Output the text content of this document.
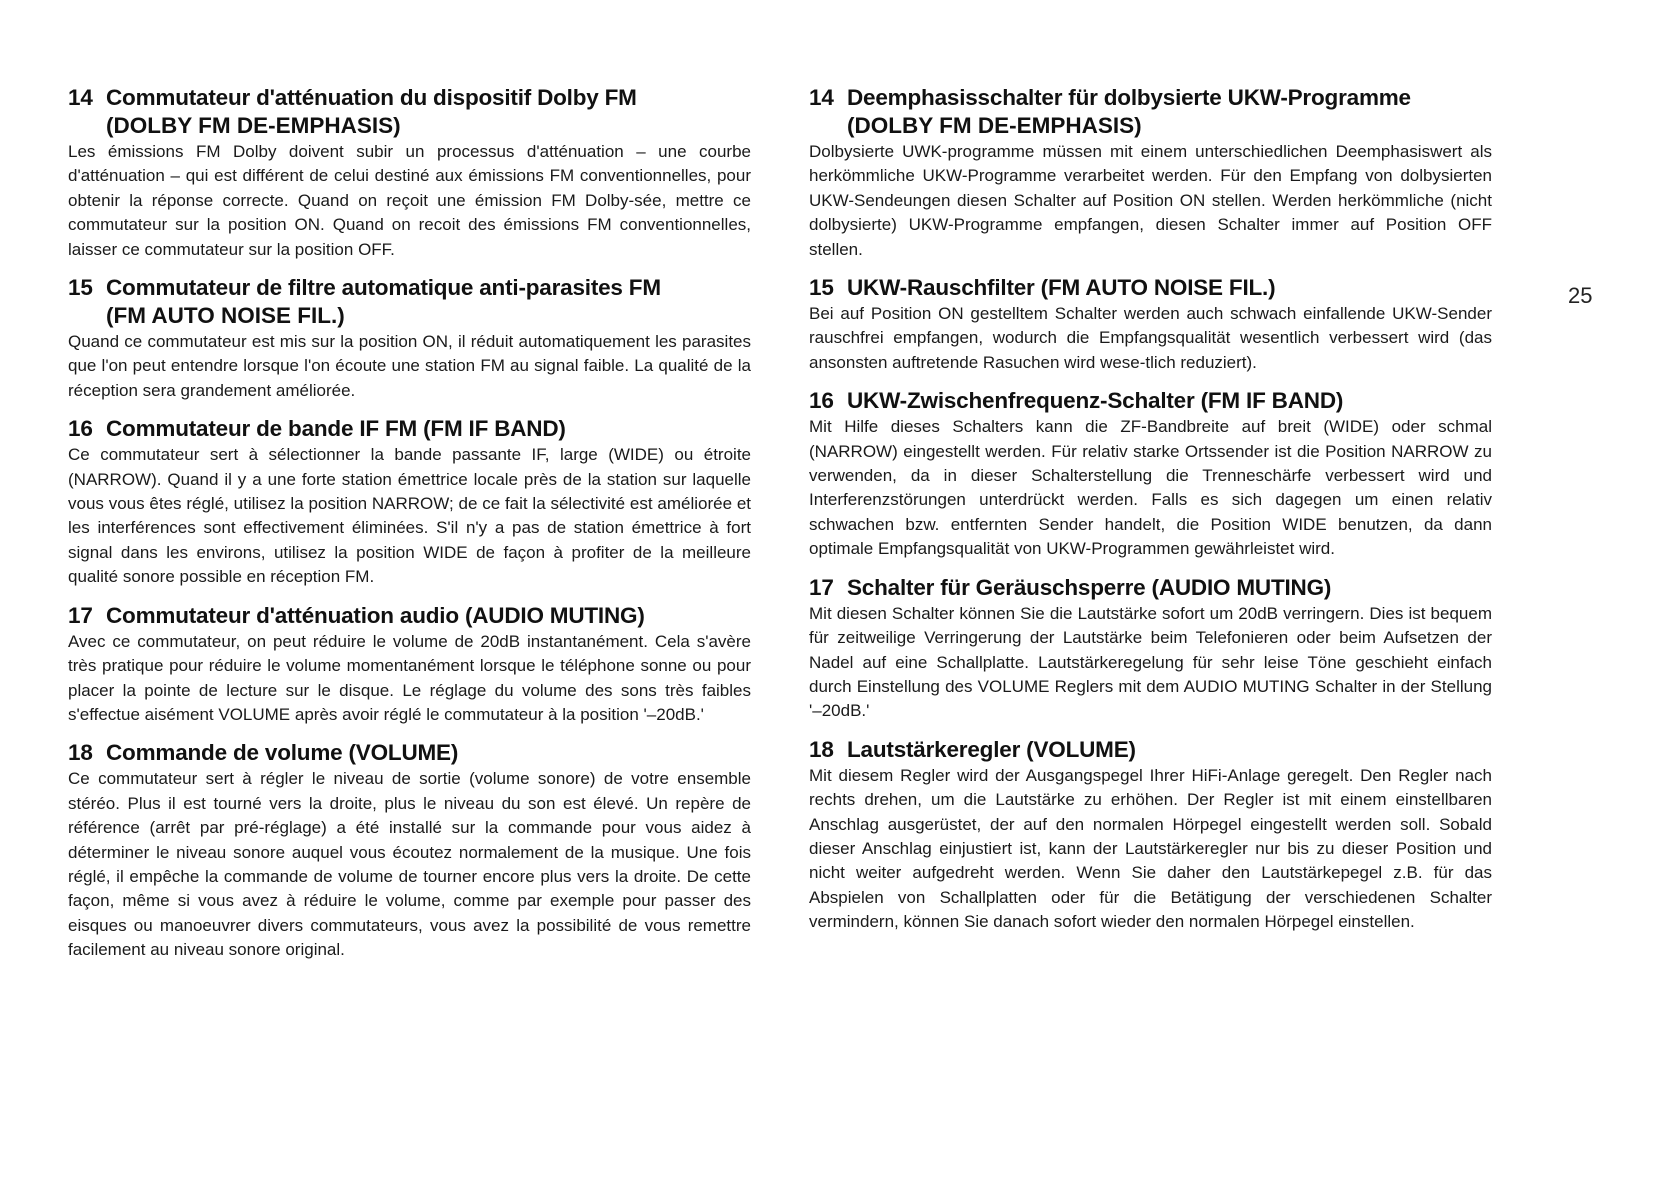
14 Commutateur d'atténuation du dispositif Dolby FM
(DOLBY FM DE-EMPHASIS)
Les émissions FM Dolby doivent subir un processus d'atténuation – une courbe d'atténuation – qui est différent de celui destiné aux émissions FM conventionnelles, pour obtenir la réponse correcte. Quand on reçoit une émission FM Dolby-sée, mettre ce commutateur sur la position ON. Quand on recoit des émissions FM conventionnelles, laisser ce commutateur sur la position OFF.
15 Commutateur de filtre automatique anti-parasites FM
(FM AUTO NOISE FIL.)
Quand ce commutateur est mis sur la position ON, il réduit automatiquement les parasites que l'on peut entendre lorsque l'on écoute une station FM au signal faible. La qualité de la réception sera grandement améliorée.
16 Commutateur de bande IF FM (FM IF BAND)
Ce commutateur sert à sélectionner la bande passante IF, large (WIDE) ou étroite (NARROW). Quand il y a une forte station émettrice locale près de la station sur laquelle vous vous êtes réglé, utilisez la position NARROW; de ce fait la sélectivité est améliorée et les interférences sont effectivement éliminées. S'il n'y a pas de station émettrice à fort signal dans les environs, utilisez la position WIDE de façon à profiter de la meilleure qualité sonore possible en réception FM.
17 Commutateur d'atténuation audio (AUDIO MUTING)
Avec ce commutateur, on peut réduire le volume de 20dB instantanément. Cela s'avère très pratique pour réduire le volume momentanément lorsque le téléphone sonne ou pour placer la pointe de lecture sur le disque. Le réglage du volume des sons très faibles s'effectue aisément VOLUME après avoir réglé le commutateur à la position '–20dB.'
18 Commande de volume (VOLUME)
Ce commutateur sert à régler le niveau de sortie (volume sonore) de votre ensemble stéréo. Plus il est tourné vers la droite, plus le niveau du son est élevé. Un repère de référence (arrêt par pré-réglage) a été installé sur la commande pour vous aidez à déterminer le niveau sonore auquel vous écoutez normalement de la musique. Une fois réglé, il empêche la commande de volume de tourner encore plus vers la droite. De cette façon, même si vous avez à réduire le volume, comme par exemple pour passer des eisques ou manoeuvrer divers commutateurs, vous avez la possibilité de vous remettre facilement au niveau sonore original.
14 Deemphasisschalter für dolbysierte UKW-Programme
(DOLBY FM DE-EMPHASIS)
Dolbysierte UWK-programme müssen mit einem unterschiedlichen Deemphasiswert als herkömmliche UKW-Programme verarbeitet werden. Für den Empfang von dolbysierten UKW-Sendeungen diesen Schalter auf Position ON stellen. Werden herkömmliche (nicht dolbysierte) UKW-Programme empfangen, diesen Schalter immer auf Position OFF stellen.
15 UKW-Rauschfilter (FM AUTO NOISE FIL.)
Bei auf Position ON gestelltem Schalter werden auch schwach einfallende UKW-Sender rauschfrei empfangen, wodurch die Empfangsqualität wesentlich verbessert wird (das ansonsten auftretende Rasuchen wird wese-tlich reduziert).
16 UKW-Zwischenfrequenz-Schalter (FM IF BAND)
Mit Hilfe dieses Schalters kann die ZF-Bandbreite auf breit (WIDE) oder schmal (NARROW) eingestellt werden. Für relativ starke Ortssender ist die Position NARROW zu verwenden, da in dieser Schalterstellung die Trenneschärfe verbessert wird und Interferenzstörungen unterdrückt werden. Falls es sich dagegen um einen relativ schwachen bzw. entfernten Sender handelt, die Position WIDE benutzen, da dann optimale Empfangsqualität von UKW-Programmen gewährleistet wird.
17 Schalter für Geräuschsperre (AUDIO MUTING)
Mit diesen Schalter können Sie die Lautstärke sofort um 20dB verringern. Dies ist bequem für zeitweilige Verringerung der Lautstärke beim Telefonieren oder beim Aufsetzen der Nadel auf eine Schallplatte. Lautstärkeregelung für sehr leise Töne geschieht einfach durch Einstellung des VOLUME Reglers mit dem AUDIO MUTING Schalter in der Stellung '–20dB.'
18 Lautstärkeregler (VOLUME)
Mit diesem Regler wird der Ausgangspegel Ihrer HiFi-Anlage geregelt. Den Regler nach rechts drehen, um die Lautstärke zu erhöhen. Der Regler ist mit einem einstellbaren Anschlag ausgerüstet, der auf den normalen Hörpegel eingestellt werden soll. Sobald dieser Anschlag einjustiert ist, kann der Lautstärkeregler nur bis zu dieser Position und nicht weiter aufgedreht werden. Wenn Sie daher den Lautstärkepegel z.B. für das Abspielen von Schallplatten oder für die Betätigung der verschiedenen Schalter vermindern, können Sie danach sofort wieder den normalen Hörpegel einstellen.
25
